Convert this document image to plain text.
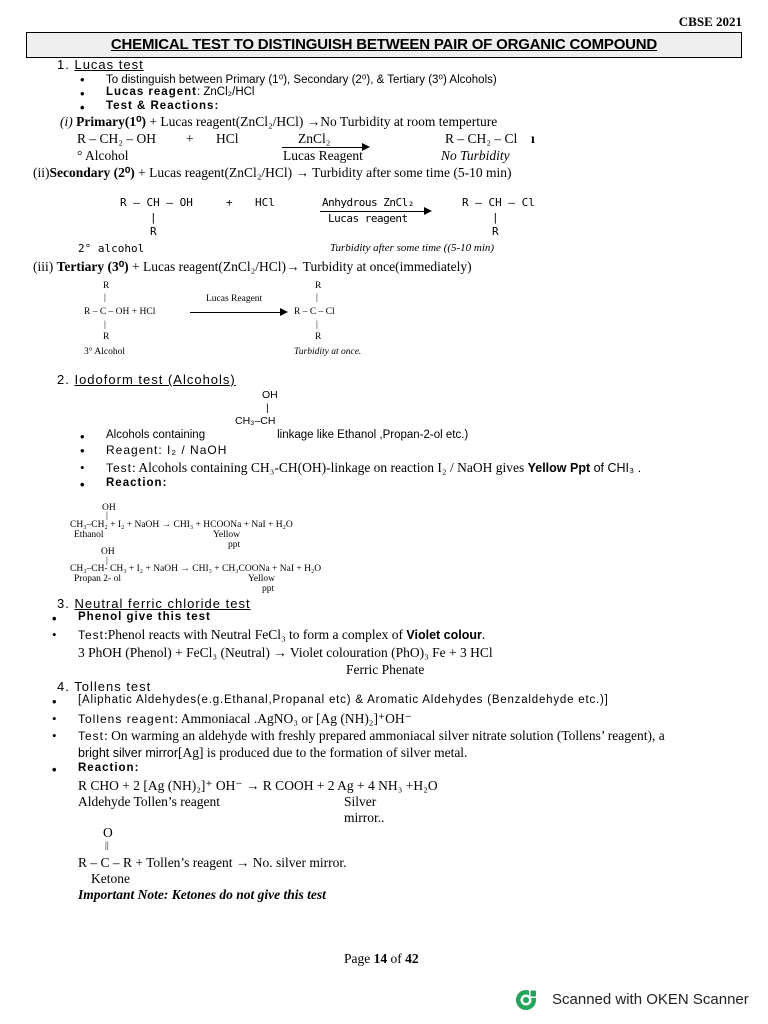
CBSE 2021
CHEMICAL TEST TO DISTINGUISH BETWEEN PAIR OF ORGANIC COMPOUND
1. Lucas test
• To distinguish between Primary (1⁰), Secondary (2⁰), & Tertiary (3⁰) Alcohols)
• Lucas reagent: ZnCl₂/HCl
• Test & Reactions:
(i) Primary(1⁰) + Lucas reagent(ZnCl₂/HCl) →No Turbidity at room temperture
R – CH₂ – OH + HCl	ZnCl₂	R – CH₂ – Cl ı
° Alcohol	Lucas Reagent	No Turbidity
(ii)Secondary (2⁰) + Lucas reagent(ZnCl₂/HCl) → Turbidity after some time (5-10 min)
R – CH – OH
|
R
+ HCl	Anhydrous ZnCl₂
Lucas reagent
R – CH – Cl
|
R
2° alcohol	Turbidity after some time ((5-10 min)
(iii) Tertiary (3⁰) + Lucas reagent(ZnCl₂/HCl)→ Turbidity at once(immediately)
R
|
R – C – OH + HCl
|
R
Lucas Reagent
R
|
R – C – Cl
|
R
3° Alcohol	Turbidity at once.
2. Iodoform test (Alcohols)
OH
|
CH₃–CH
• Alcohols containing	linkage like Ethanol ,Propan-2-ol etc.)
• Reagent: I₂ / NaOH
• Test: Alcohols containing CH₃-CH(OH)-linkage on reaction I₂ / NaOH gives Yellow Ppt of CHI₃ .
• Reaction:
OH
|
CH₃–CH₂ + I₂ + NaOH → CHI₃ + HCOONa + NaI + H₂O
Ethanol	Yellow
ppt
OH
|
CH₃–CH- CH₃ + I₂ + NaOH → CHI₃ + CH₃COONa + NaI + H₂O
Propan 2- ol	Yellow
ppt
3. Neutral ferric chloride test
• Phenol give this test
• Test:Phenol reacts with Neutral FeCl₃ to form a complex of Violet colour.
3 PhOH (Phenol) + FeCl₃ (Neutral) → Violet colouration (PhO)₃ Fe + 3 HCl
Ferric Phenate
4. Tollens test
• [Aliphatic Aldehydes(e.g.Ethanal,Propanal etc) & Aromatic Aldehydes (Benzaldehyde etc.)]
• Tollens reagent: Ammoniacal .AgNO₃ or [Ag (NH)₂]⁺OH⁻
• Test: On warming an aldehyde with freshly prepared ammoniacal silver nitrate solution (Tollens’ reagent), a
bright silver mirror[Ag] is produced due to the formation of silver metal.
• Reaction:
R CHO + 2 [Ag (NH)₂]⁺ OH⁻ → R COOH + 2 Ag + 4 NH₃ +H₂O
Aldehyde Tollen’s reagent	Silver
mirror..
O
||
R – C – R + Tollen’s reagent → No. silver mirror.
Ketone
Important Note: Ketones do not give this test
Page 14 of 42
Scanned with OKEN Scanner
